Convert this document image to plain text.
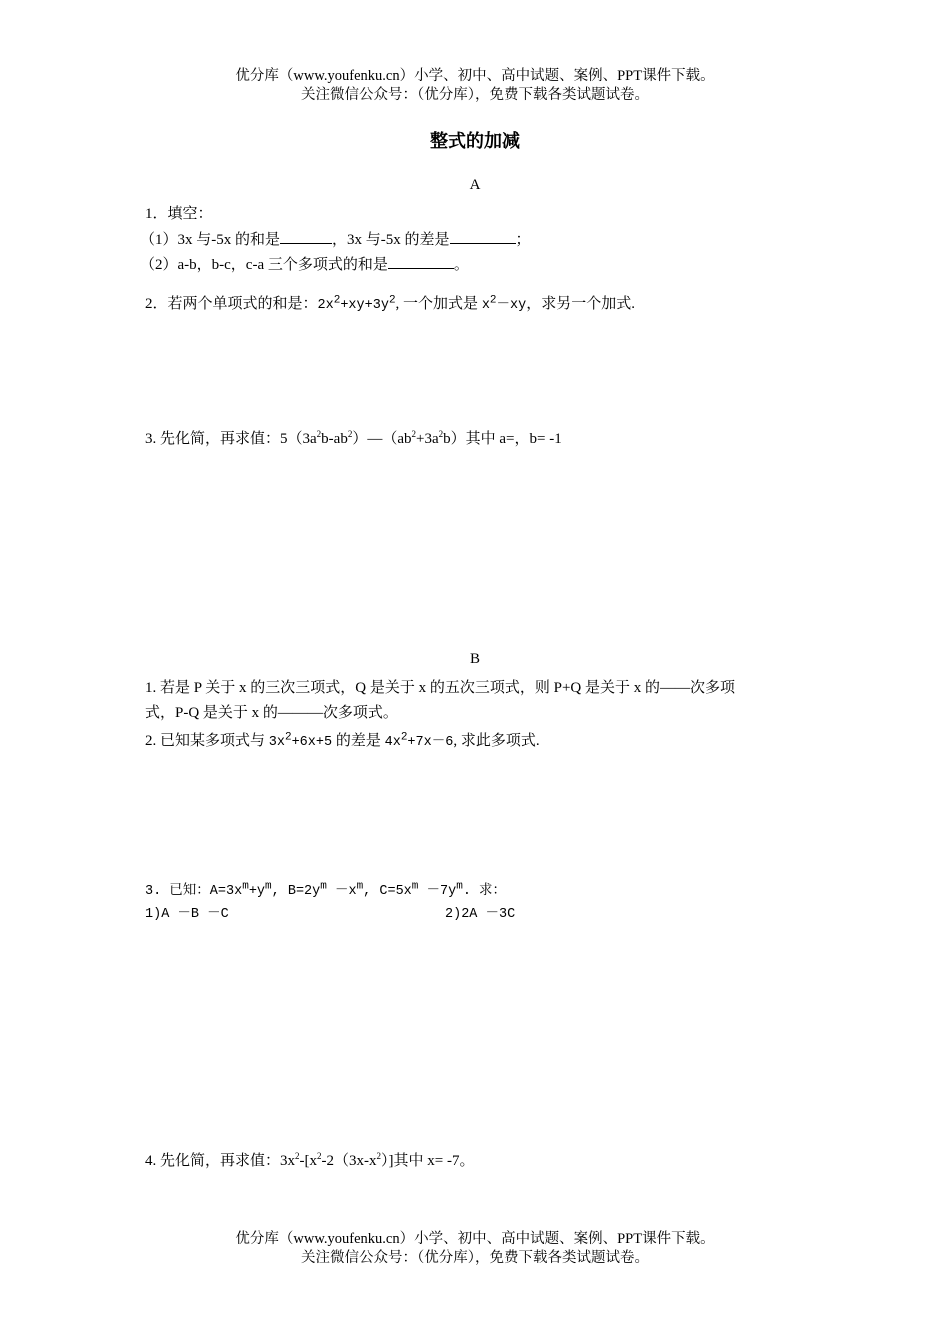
优分库（www.youfenku.cn）小学、初中、高中试题、案例、PPT课件下载。
关注微信公众号：（优分库），免费下载各类试题试卷。
整式的加减
A
1．填空：
（1）3x 与-5x 的和是	，3x 与-5x 的差是	；
（2）a-b，b-c，c-a 三个多项式的和是	。
2．若两个单项式的和是：$2x^2+xy+3y^2$, 一个加式是 $x^2-xy$，求另一个加式.
3. 先化简，再求值：$5(3a^2b-ab^2)—(ab^2+3a^2b)$其中 a=，b= -1
B
1. 若是 P 关于 x 的三次三项式，Q 是关于 x 的五次三项式，则 P+Q 是关于 x 的——次多项
式，P-Q 是关于 x 的———次多项式。
2. 已知某多项式与 $3x^2+6x+5$ 的差是 $4x^2+7x-6$, 求此多项式.
3. 已知：$A=3x^m+y^m$, $B=2y^m -x^m$, $C=5x^m -7y^m$. 求：
1)A －B －C	2)2A －3C
4. 先化简，再求值：$3x^2-[x^2-2(3x-x^2)]$其中 x= -7。
优分库（www.youfenku.cn）小学、初中、高中试题、案例、PPT课件下载。
关注微信公众号：（优分库），免费下载各类试题试卷。
